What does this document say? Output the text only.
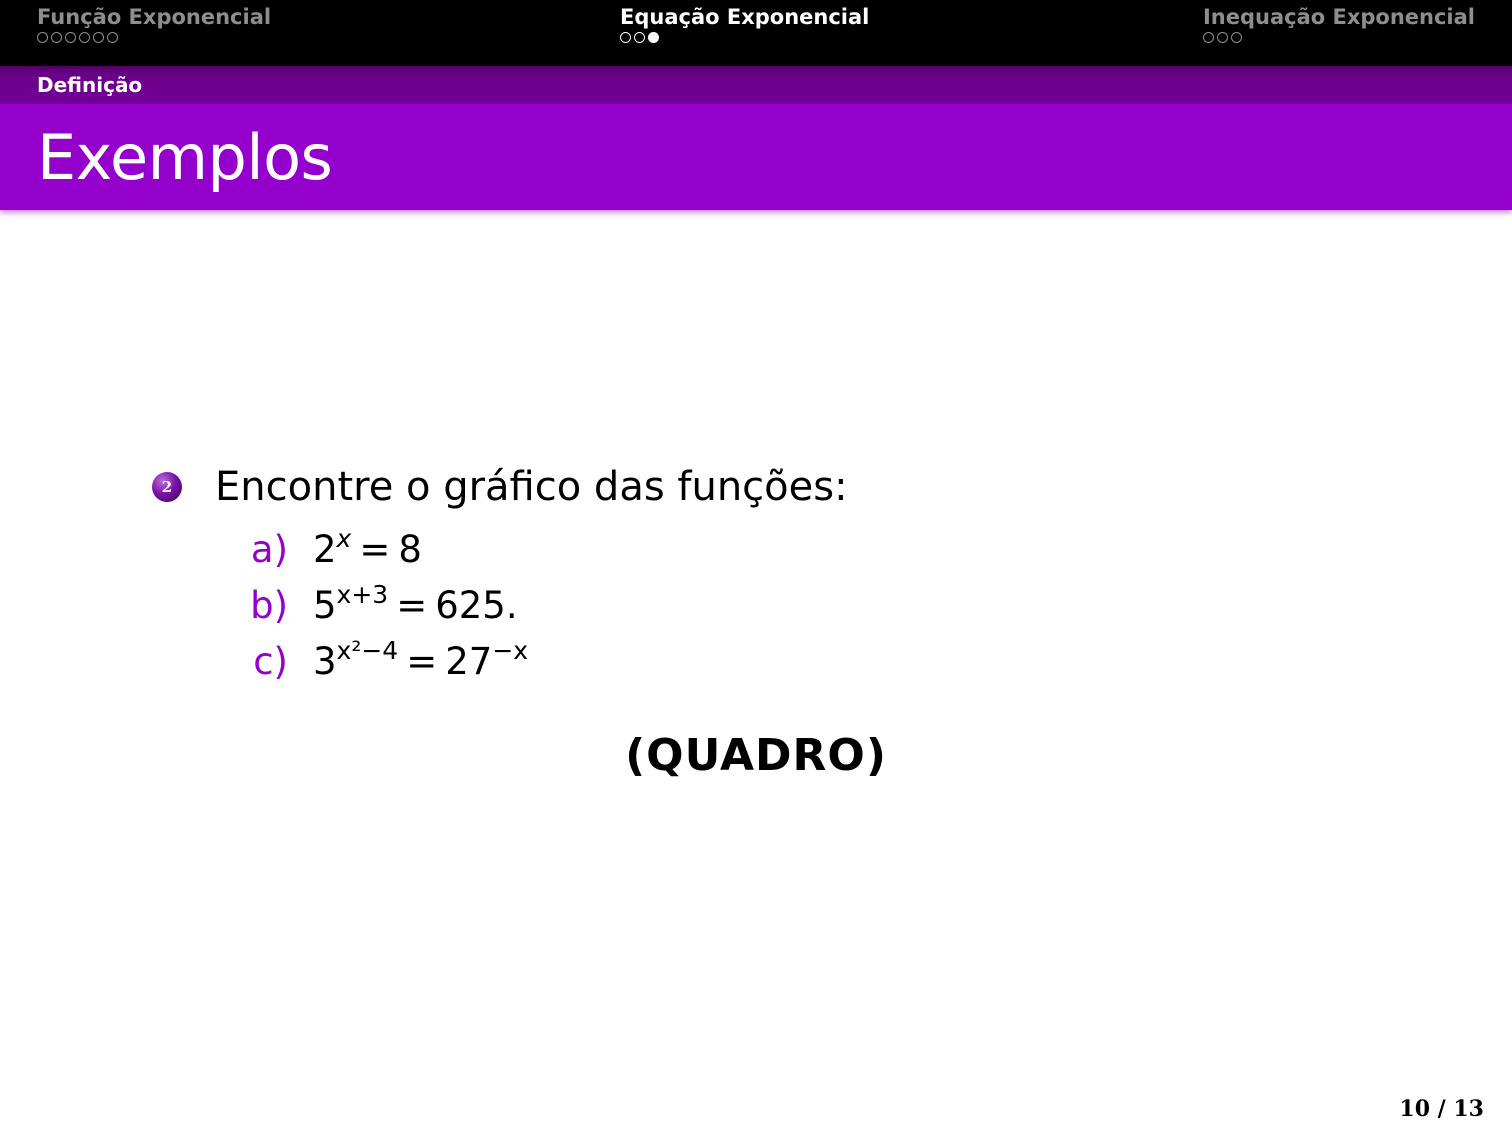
Função Exponencial	Equação Exponencial	Inequação Exponencial
Definição
Exemplos
2 Encontre o gráfico das funções:
a) $2^x = 8$
b) $5^{x+3} = 625$.
c) $3^{x^2-4} = 27^{-x}$
(QUADRO)
10 / 13
